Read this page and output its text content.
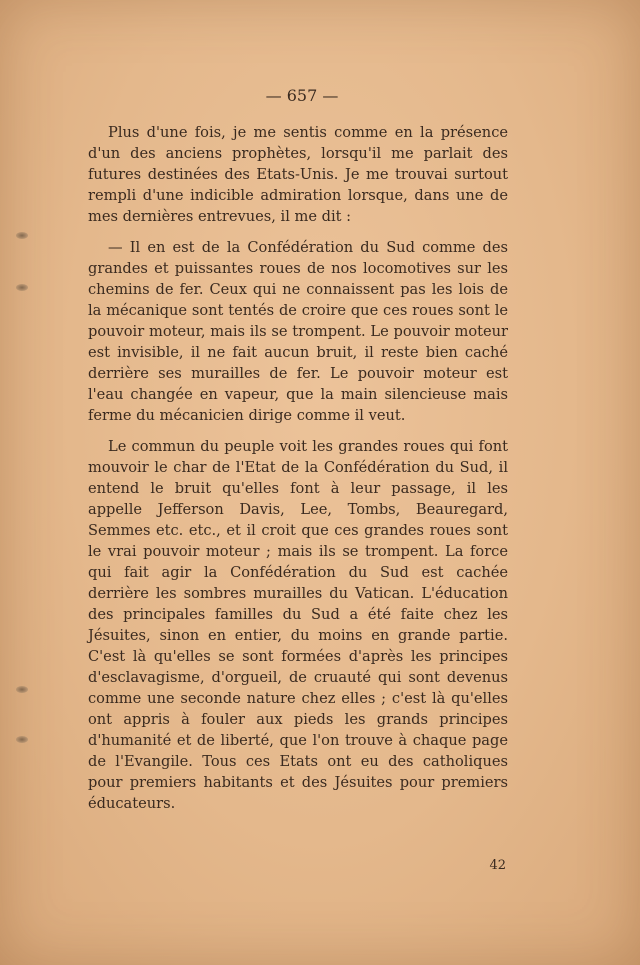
— 657 —

Plus d'une fois, je me sentis comme en la présence d'un des anciens prophètes, lorsqu'il me parlait des futures destinées des Etats-Unis. Je me trouvai surtout rempli d'une indicible admiration lorsque, dans une de mes dernières entrevues, il me dit :

— Il en est de la Confédération du Sud comme des grandes et puissantes roues de nos locomotives sur les chemins de fer. Ceux qui ne connaissent pas les lois de la mécanique sont tentés de croire que ces roues sont le pouvoir moteur, mais ils se trompent. Le pouvoir moteur est invisible, il ne fait aucun bruit, il reste bien caché derrière ses murailles de fer. Le pouvoir moteur est l'eau changée en vapeur, que la main silencieuse mais ferme du mécanicien dirige comme il veut.

Le commun du peuple voit les grandes roues qui font mouvoir le char de l'Etat de la Confédération du Sud, il entend le bruit qu'elles font à leur passage, il les appelle Jefferson Davis, Lee, Tombs, Beauregard, Semmes etc. etc., et il croit que ces grandes roues sont le vrai pouvoir moteur ; mais ils se trompent. La force qui fait agir la Confédération du Sud est cachée derrière les sombres murailles du Vatican. L'éducation des principales familles du Sud a été faite chez les Jésuites, sinon en entier, du moins en grande partie. C'est là qu'elles se sont formées d'après les principes d'esclavagisme, d'orgueil, de cruauté qui sont devenus comme une seconde nature chez elles ; c'est là qu'elles ont appris à fouler aux pieds les grands principes d'humanité et de liberté, que l'on trouve à chaque page de l'Evangile. Tous ces Etats ont eu des catholiques pour premiers habitants et des Jésuites pour premiers éducateurs.

42
